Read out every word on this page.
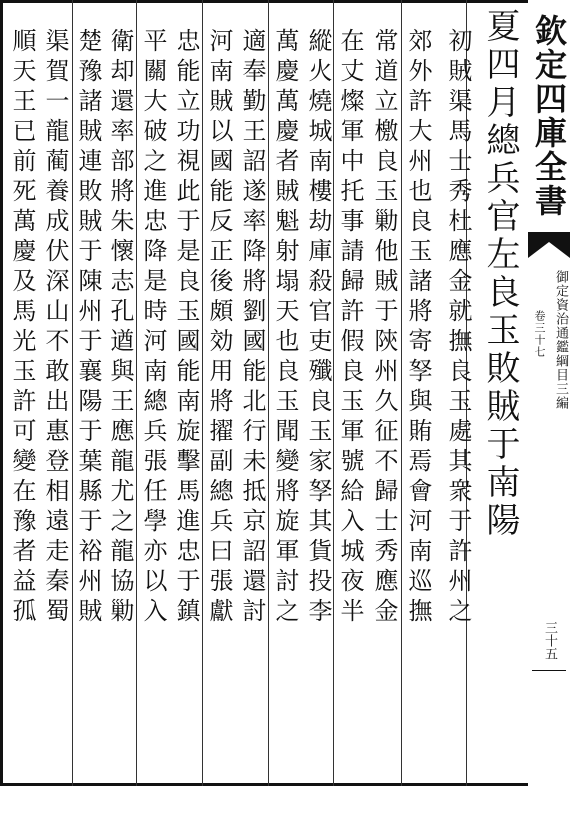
夏四月總兵官左良玉敗賊于南陽
初賊渠馬士秀杜應金就撫良玉處其衆于許州之
郊外許大州也良玉諸將寄孥與賄焉會河南巡撫
常道立檄良玉勦他賊于陝州久征不歸士秀應金
在丈燦軍中托事請歸許假良玉軍號給入城夜半
縱火燒城南樓劫庫殺官吏殲良玉家孥其貨投李
萬慶萬慶者賊魁射塌天也良玉聞變將旋軍討之
適奉勤王詔遂率降將劉國能北行未抵京詔還討
河南賊以國能反正後頗効用將擢副總兵曰張獻
忠能立功視此于是良玉國能南旋擊馬進忠于鎮
平關大破之進忠降是時河南總兵張任學亦以入
衛却還率部將朱懷志孔遒與王應龍尤之龍協勦
楚豫諸賊連敗賊于陳州于襄陽于葉縣于裕州賊
渠賀一龍蔺養成伏深山不敢出惠登相遠走秦蜀
順天王已前死萬慶及馬光玉許可變在豫者益孤	欽定四庫全書
御定資治通鑑綱目三編
卷三十七
三十五
